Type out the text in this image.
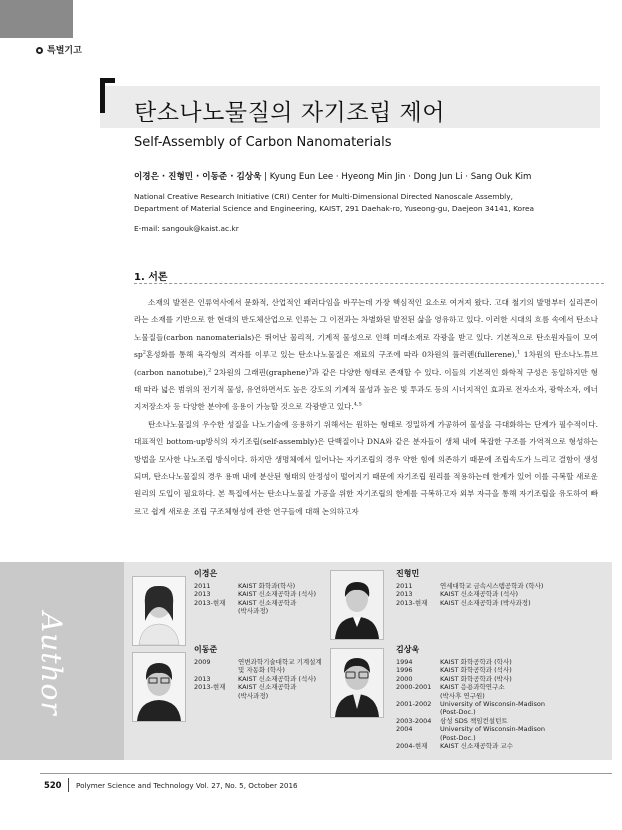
특별기고
탄소나노물질의 자기조립 제어
Self-Assembly of Carbon Nanomaterials
이경은 · 진형민 · 이동준 · 김상욱 | Kyung Eun Lee · Hyeong Min Jin · Dong Jun Li · Sang Ouk Kim
National Creative Research Initiative (CRI) Center for Multi-Dimensional Directed Nanoscale Assembly,
Department of Material Science and Engineering, KAIST, 291 Daehak-ro, Yuseong-gu, Daejeon 34141, Korea
E-mail: sangouk@kaist.ac.kr
1. 서론

소재의 발전은 인류역사에서 문화적, 산업적인 패러다임을 바꾸는데 가장 핵심적인 요소로 여겨져 왔다. 고대 철기의 발명부터 실리콘이라는 소재를 기반으로 한 현대의 반도체산업으로 인류는 그 이전과는 차별화된 발전된 삶을 영유하고 있다. 이러한 시대의 흐름 속에서 탄소나노물질들(carbon nanomaterials)은 뛰어난 물리적, 기계적 물성으로 인해 미래소재로 각광을 받고 있다. 기본적으로 탄소원자들이 모여 $sp^2$혼성화를 통해 육각형의 격자를 이루고 있는 탄소나노물질은 재료의 구조에 따라 0차원의 풀러렌(fullerene),$^1$ 1차원의 탄소나노튜브(carbon nanotube),$^2$ 2차원의 그래핀(graphene)$^3$과 같은 다양한 형태로 존재할 수 있다. 이들의 기본적인 화학적 구성은 동일하지만 형태 따라 넓은 범위의 전기적 물성, 유연하면서도 높은 강도의 기계적 물성과 높은 빛 투과도 등의 시너지적인 효과로 전자소자, 광학소자, 에너지저장소자 등 다양한 분야에 응용이 가능할 것으로 각광받고 있다.$^{4,5}$

탄소나노물질의 우수한 성질을 나노기술에 응용하기 위해서는 원하는 형태로 정밀하게 가공하여 물성을 극대화하는 단계가 필수적이다. 대표적인 bottom-up방식의 자기조립(self-assembly)은 단백질이나 DNA와 같은 분자들이 생체 내에 복잡한 구조를 가역적으로 형성하는 방법을 모사한 나노조립 방식이다. 하지만 생명체에서 일어나는 자기조립의 경우 약한 힘에 의존하기 때문에 조립속도가 느리고 결함이 생성되며, 탄소나노물질의 경우 용매 내에 분산된 형태의 안정성이 떨어지기 때문에 자기조립 원리를 적용하는데 한계가 있어 이를 극복할 새로운 원리의 도입이 필요하다. 본 특집에서는 탄소나노물질 가공을 위한 자기조립의 한계를 극복하고자 외부 자극을 통해 자기조립을 유도하여 빠르고 쉽게 새로운 조립 구조체형성에 관한 연구들에 대해 논의하고자

Author
이경은
2011	KAIST 화학과(학사)
2013	KAIST 신소재공학과 (석사)
2013-현재	KAIST 신소재공학과
(박사과정)
진형민
2011	연세대학교 금속시스템공학과 (학사)
2013	KAIST 신소재공학과 (석사)
2013-현재	KAIST 신소재공학과 (박사과정)
이동준
2009	연변과학기술대학교 기계설계
및 자동화 (학사)
2013	KAIST 신소재공학과 (석사)
2013-현재	KAIST 신소재공학과
(박사과정)
김상욱
1994	KAIST 화학공학과 (학사)
1996	KAIST 화학공학과 (석사)
2000	KAIST 화학공학과 (박사)
2000-2001	KAIST 응용과학연구소
(박사후 연구원)
2001-2002	University of Wisconsin-Madison
(Post-Doc.)
2003-2004	삼성 SDS 책임컨설턴트
2004	University of Wisconsin-Madison
(Post-Doc.)
2004-현재	KAIST 신소재공학과 교수
520 Polymer Science and Technology Vol. 27, No. 5, October 2016
